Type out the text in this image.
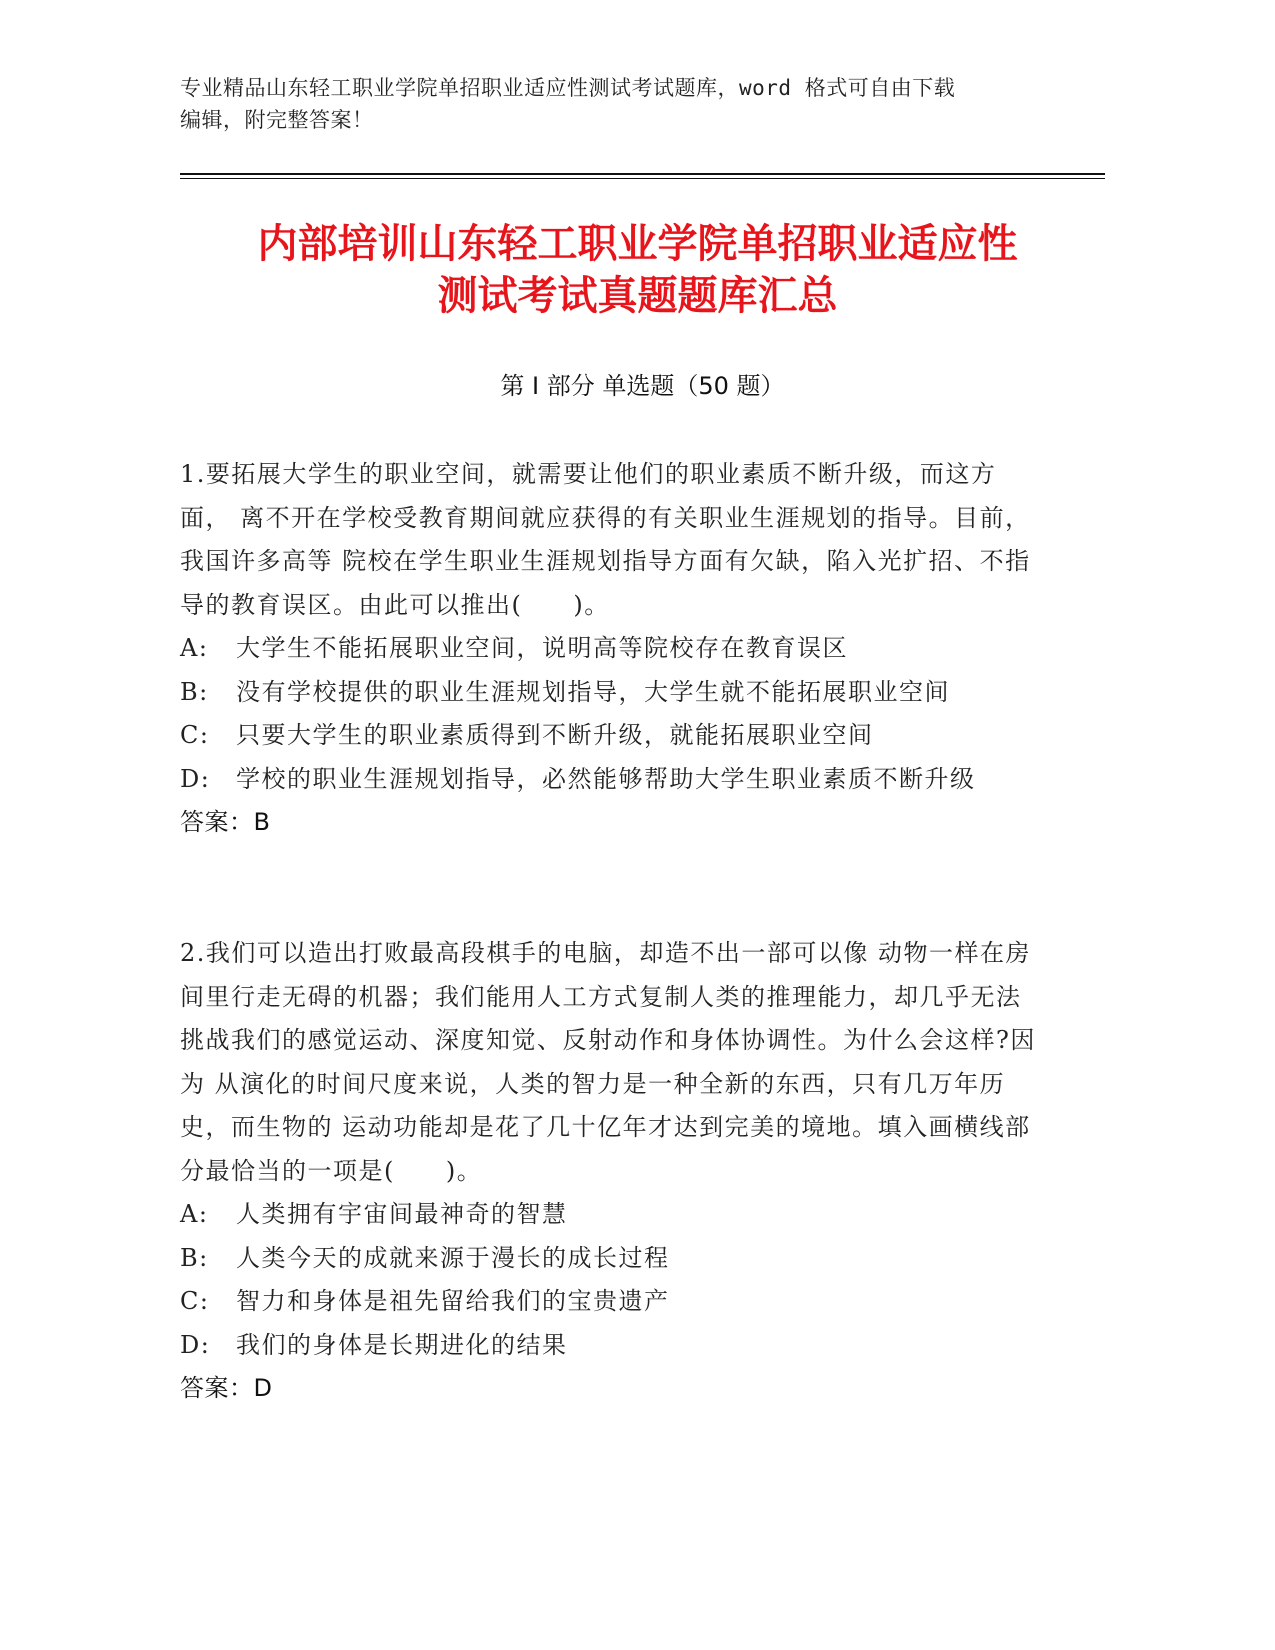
专业精品山东轻工职业学院单招职业适应性测试考试题库，word 格式可自由下载
编辑，附完整答案！
内部培训山东轻工职业学院单招职业适应性
测试考试真题题库汇总
第 I 部分 单选题（50 题）

1.要拓展大学生的职业空间，就需要让他们的职业素质不断升级，而这方面， 离不开在学校受教育期间就应获得的有关职业生涯规划的指导。目前，我国许多高等 院校在学生职业生涯规划指导方面有欠缺，陷入光扩招、不指导的教育误区。由此可以推出(　　)。

A:	大学生不能拓展职业空间，说明高等院校存在教育误区

B:	没有学校提供的职业生涯规划指导，大学生就不能拓展职业空间

C:	只要大学生的职业素质得到不断升级，就能拓展职业空间

D: 学校的职业生涯规划指导，必然能够帮助大学生职业素质不断升级

答案：B

2.我们可以造出打败最高段棋手的电脑，却造不出一部可以像 动物一样在房间里行走无碍的机器；我们能用人工方式复制人类的推理能力，却几乎无法挑战我们的感觉运动、深度知觉、反射动作和身体协调性。为什么会这样?因为 从演化的时间尺度来说，人类的智力是一种全新的东西，只有几万年历史，而生物的 运动功能却是花了几十亿年才达到完美的境地。填入画横线部分最恰当的一项是(　　)。

A:	人类拥有宇宙间最神奇的智慧

B:	人类今天的成就来源于漫长的成长过程

C:	智力和身体是祖先留给我们的宝贵遗产

D:	我们的身体是长期进化的结果

答案：D
